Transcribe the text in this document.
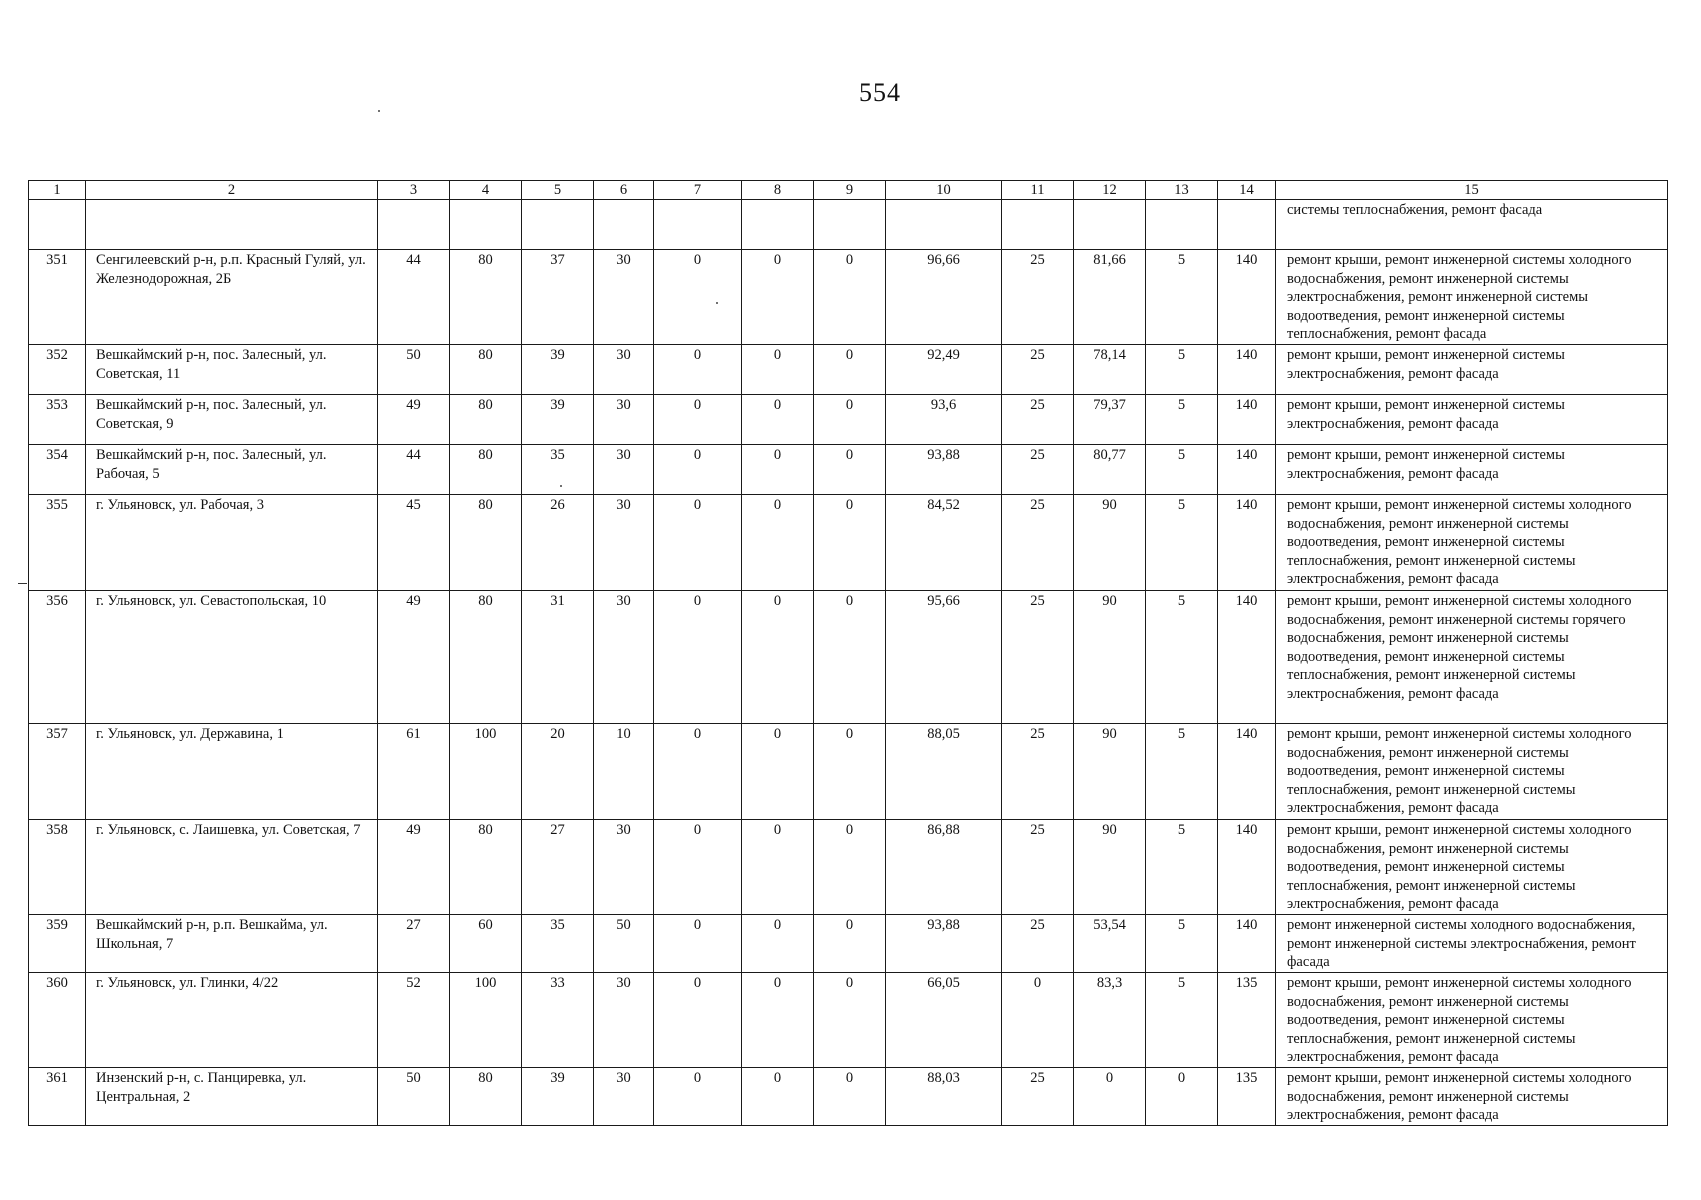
554
1	2	3	4	5	6	7	8	9	10	11	12	13	14	15
														системы теплоснабжения, ремонт фасада
351	Сенгилеевский р-н, р.п. Красный Гуляй, ул. Железнодорожная, 2Б	44	80	37	30	0	0	0	96,66	25	81,66	5	140	ремонт крыши, ремонт инженерной системы холодного водоснабжения, ремонт инженерной системы электроснабжения, ремонт инженерной системы водоотведения, ремонт инженерной системы теплоснабжения, ремонт фасада
352	Вешкаймский р-н, пос. Залесный, ул. Советская, 11	50	80	39	30	0	0	0	92,49	25	78,14	5	140	ремонт крыши, ремонт инженерной системы электроснабжения, ремонт фасада
353	Вешкаймский р-н, пос. Залесный, ул. Советская, 9	49	80	39	30	0	0	0	93,6	25	79,37	5	140	ремонт крыши, ремонт инженерной системы электроснабжения, ремонт фасада
354	Вешкаймский р-н, пос. Залесный, ул. Рабочая, 5	44	80	35	30	0	0	0	93,88	25	80,77	5	140	ремонт крыши, ремонт инженерной системы электроснабжения, ремонт фасада
355	г. Ульяновск, ул. Рабочая, 3	45	80	26	30	0	0	0	84,52	25	90	5	140	ремонт крыши, ремонт инженерной системы холодного водоснабжения, ремонт инженерной системы водоотведения, ремонт инженерной системы теплоснабжения, ремонт инженерной системы электроснабжения, ремонт фасада
356	г. Ульяновск, ул. Севастопольская, 10	49	80	31	30	0	0	0	95,66	25	90	5	140	ремонт крыши, ремонт инженерной системы холодного водоснабжения, ремонт инженерной системы горячего водоснабжения, ремонт инженерной системы водоотведения, ремонт инженерной системы теплоснабжения, ремонт инженерной системы электроснабжения, ремонт фасада
357	г. Ульяновск, ул. Державина, 1	61	100	20	10	0	0	0	88,05	25	90	5	140	ремонт крыши, ремонт инженерной системы холодного водоснабжения, ремонт инженерной системы водоотведения, ремонт инженерной системы теплоснабжения, ремонт инженерной системы электроснабжения, ремонт фасада
358	г. Ульяновск, с. Лаишевка, ул. Советская, 7	49	80	27	30	0	0	0	86,88	25	90	5	140	ремонт крыши, ремонт инженерной системы холодного водоснабжения, ремонт инженерной системы водоотведения, ремонт инженерной системы теплоснабжения, ремонт инженерной системы электроснабжения, ремонт фасада
359	Вешкаймский р-н, р.п. Вешкайма, ул. Школьная, 7	27	60	35	50	0	0	0	93,88	25	53,54	5	140	ремонт инженерной системы холодного водоснабжения, ремонт инженерной системы электроснабжения, ремонт фасада
360	г. Ульяновск, ул. Глинки, 4/22	52	100	33	30	0	0	0	66,05	0	83,3	5	135	ремонт крыши, ремонт инженерной системы холодного водоснабжения, ремонт инженерной системы водоотведения, ремонт инженерной системы теплоснабжения, ремонт инженерной системы электроснабжения, ремонт фасада
361	Инзенский р-н, с. Панциревка, ул. Центральная, 2	50	80	39	30	0	0	0	88,03	25	0	0	135	ремонт крыши, ремонт инженерной системы холодного водоснабжения, ремонт инженерной системы электроснабжения, ремонт фасада
